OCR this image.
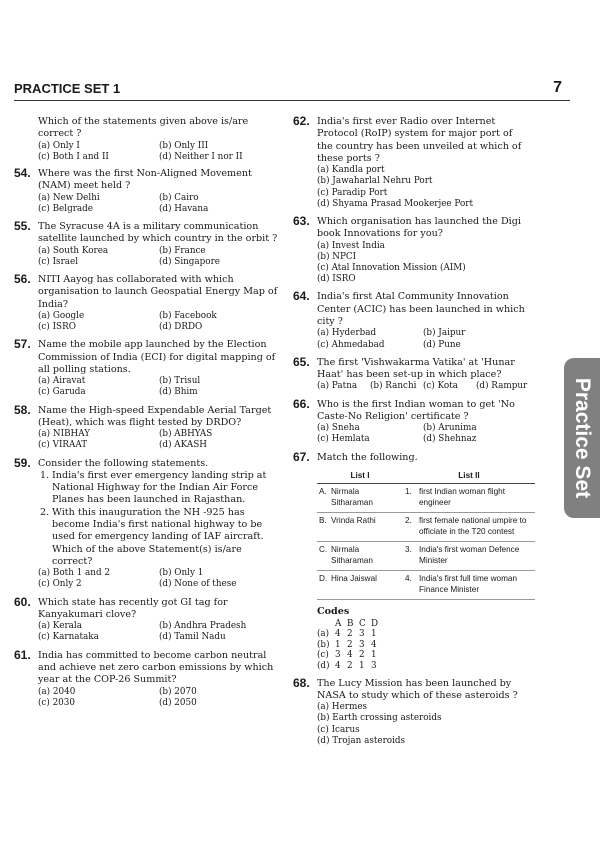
PRACTICE SET 1	7
Practice Set

Which of the statements given above is/are correct ?

(a) Only I	(b) Only III
(c) Both I and II	(d) Neither I nor II
54. Where was the first Non-Aligned Movement (NAM) meet held ?

(a) New Delhi	(b) Cairo
(c) Belgrade	(d) Havana
55. The Syracuse 4A is a military communication satellite launched by which country in the orbit ?

(a) South Korea	(b) France
(c) Israel	(d) Singapore
56. NITI Aayog has collaborated with which organisation to launch Geospatial Energy Map of India?

(a) Google	(b) Facebook
(c) ISRO	(d) DRDO
57. Name the mobile app launched by the Election Commission of India (ECI) for digital mapping of all polling stations.

(a) Airavat	(b) Trisul
(c) Garuda	(d) Bhim
58. Name the High-speed Expendable Aerial Target (Heat), which was flight tested by DRDO?

(a) NIBHAY	(b) ABHYAS
(c) VIRAAT	(d) AKASH
59. Consider the following statements.

1. India's first ever emergency landing strip at National Highway for the Indian Air Force Planes has been launched in Rajasthan.
2. With this inauguration the NH -925 has become India's first national highway to be used for emergency landing of IAF aircraft.

Which of the above Statement(s) is/are correct?

(a) Both 1 and 2	(b) Only 1
(c) Only 2	(d) None of these
60. Which state has recently got GI tag for Kanyakumari clove?

(a) Kerala	(b) Andhra Pradesh
(c) Karnataka	(d) Tamil Nadu
61. India has committed to become carbon neutral and achieve net zero carbon emissions by which year at the COP-26 Summit?

(a) 2040	(b) 2070
(c) 2030	(d) 2050
62. India's first ever Radio over Internet Protocol (RoIP) system for major port of the country has been unveiled at which of these ports ?

(a) Kandla port
(b) Jawaharlal Nehru Port
(c) Paradip Port
(d) Shyama Prasad Mookerjee Port
63. Which organisation has launched the Digi book Innovations for you?

(a) Invest India
(b) NPCI
(c) Atal Innovation Mission (AIM)
(d) ISRO
64. India's first Atal Community Innovation Center (ACIC) has been launched in which city ?

(a) Hyderbad	(b) Jaipur
(c) Ahmedabad	(d) Pune
65. The first 'Vishwakarma Vatika' at 'Hunar Haat' has been set-up in which place?

(a) Patna	(b) Ranchi (c) Kota	(d) Rampur
66. Who is the first Indian woman to get 'No Caste-No Religion' certificate ?

(a) Sneha	(b) Arunima
(c) Hemlata	(d) Shehnaz
67. Match the following.

List I		List II	
A.	Nirmala Sitharaman	1.	first Indian woman flight engineer
B.	Vrinda Rathi	2.	first female national umpire to officiate in the T20 contest
C.	Nirmala Sitharaman	3.	India's first woman Defence Minister
D.	Hina Jaiswal	4.	India's first full time woman Finance Minister
Codes
A B C D
(a) 4 2 3 1
(b) 1 2 3 4
(c) 3 4 2 1
(d) 4 2 1 3
68. The Lucy Mission has been launched by NASA to study which of these asteroids ?

(a) Hermes
(b) Earth crossing asteroids
(c) Icarus
(d) Trojan asteroids
